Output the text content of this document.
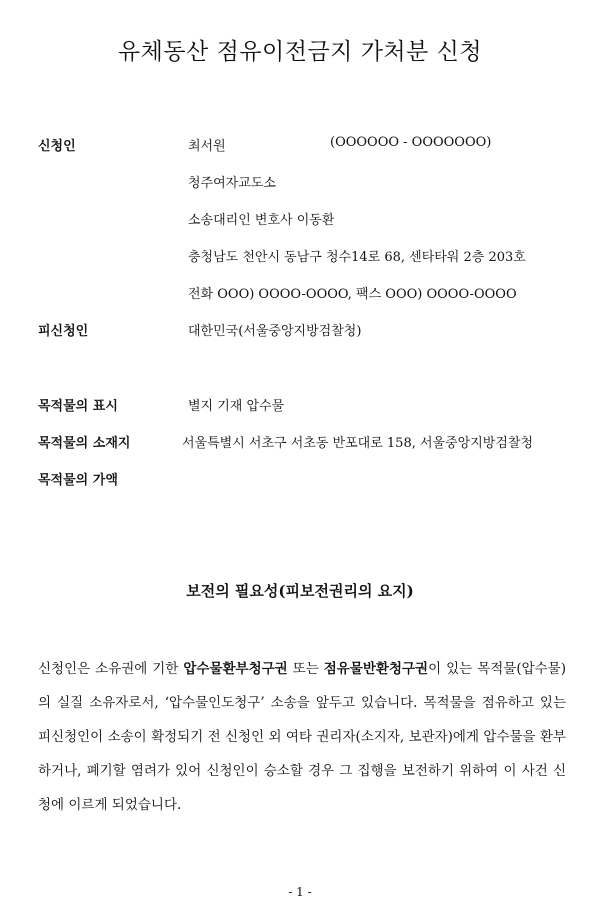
유체동산 점유이전금지 가처분 신청
신청인	최서원	(OOOOOO - OOOOOOO)
청주여자교도소
소송대리인 변호사 이동환
충청남도 천안시 동남구 청수14로 68, 센타타워 2층 203호
전화 OOO) OOOO-OOOO, 팩스 OOO) OOOO-OOOO
피신청인	대한민국(서울중앙지방검찰청)
목적물의 표시	별지 기재 압수물
목적물의 소재지	서울특별시 서초구 서초동 반포대로 158, 서울중앙지방검찰청
목적물의 가액
보전의 필요성(피보전권리의 요지)
신청인은 소유권에 기한 압수물환부청구권 또는 점유물반환청구권이 있는 목적물(압수물)의 실질 소유자로서, ‘압수물인도청구’ 소송을 앞두고 있습니다. 목적물을 점유하고 있는 피신청인이 소송이 확정되기 전 신청인 외 여타 권리자(소지자, 보관자)에게 압수물을 환부하거나, 폐기할 염려가 있어 신청인이 승소할 경우 그 집행을 보전하기 위하여 이 사건 신청에 이르게 되었습니다.
- 1 -
